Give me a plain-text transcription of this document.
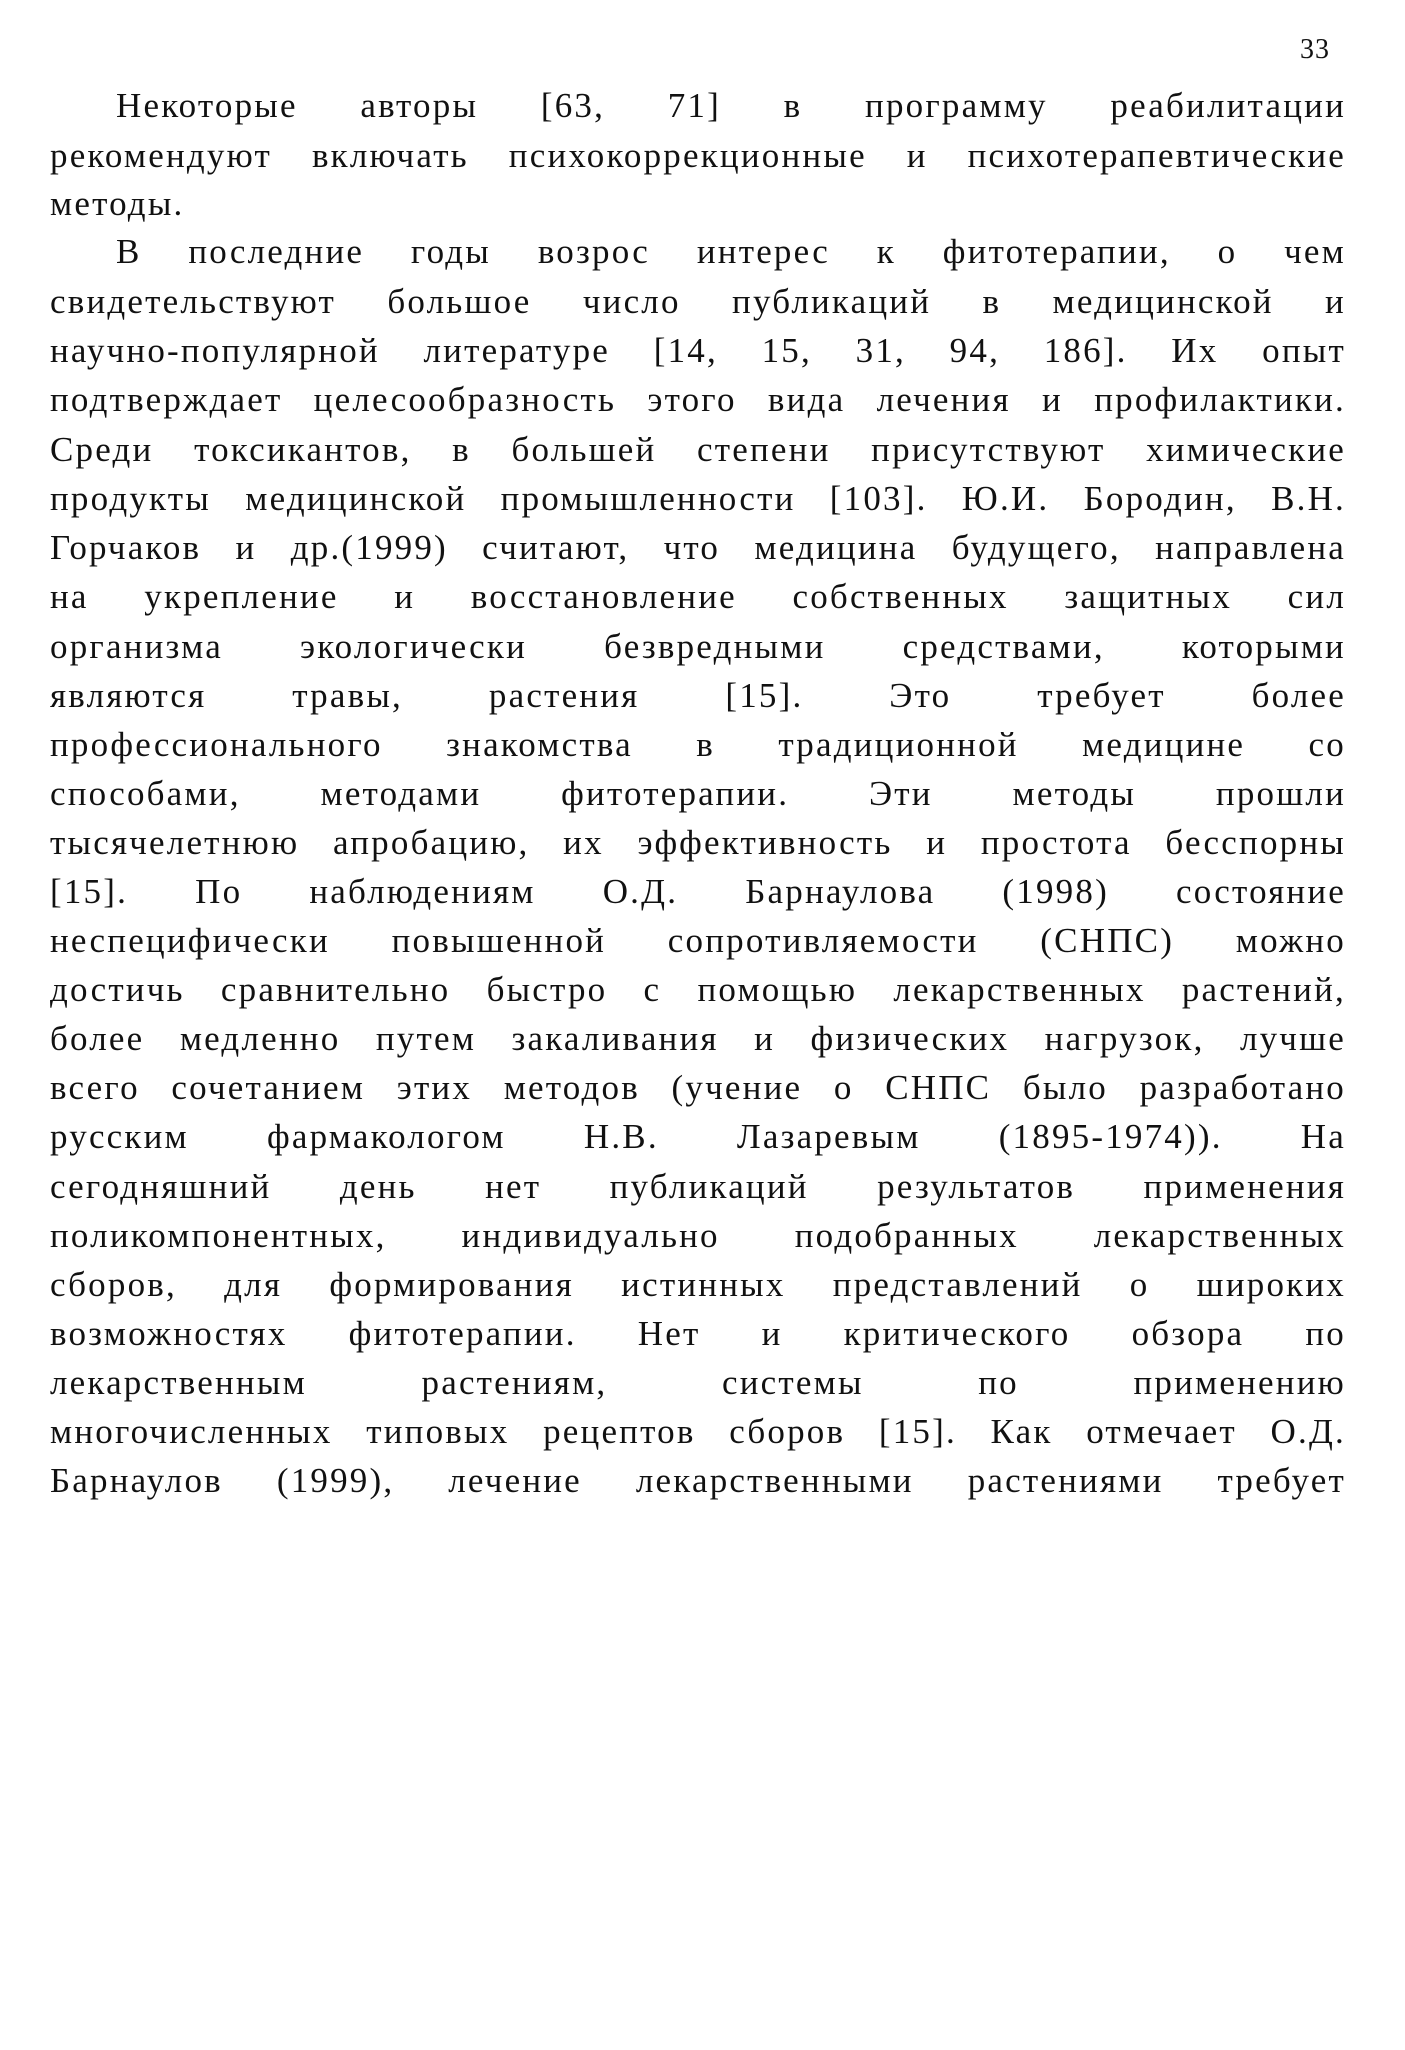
33
Некоторые авторы [63, 71] в программу реабилитации
рекомендуют включать психокоррекционные и психотерапевтические
методы.
В последние годы возрос интерес к фитотерапии, о чем
свидетельствуют большое число публикаций в медицинской и
научно-популярной литературе [14, 15, 31, 94, 186]. Их опыт
подтверждает целесообразность этого вида лечения и профилактики.
Среди токсикантов, в большей степени присутствуют химические
продукты медицинской промышленности [103]. Ю.И. Бородин, В.Н.
Горчаков и др.(1999) считают, что медицина будущего, направлена
на укрепление и восстановление собственных защитных сил
организма экологически безвредными средствами, которыми
являются травы, растения [15]. Это требует более
профессионального знакомства в традиционной медицине со
способами, методами фитотерапии. Эти методы прошли
тысячелетнюю апробацию, их эффективность и простота бесспорны
[15]. По наблюдениям О.Д. Барнаулова (1998) состояние
неспецифически повышенной сопротивляемости (СНПС) можно
достичь сравнительно быстро с помощью лекарственных растений,
более медленно путем закаливания и физических нагрузок, лучше
всего сочетанием этих методов (учение о СНПС было разработано
русским фармакологом Н.В. Лазаревым (1895-1974)). На
сегодняшний день нет публикаций результатов применения
поликомпонентных, индивидуально подобранных лекарственных
сборов, для формирования истинных представлений о широких
возможностях фитотерапии. Нет и критического обзора по
лекарственным растениям, системы по применению
многочисленных типовых рецептов сборов [15]. Как отмечает О.Д.
Барнаулов (1999), лечение лекарственными растениями требует
